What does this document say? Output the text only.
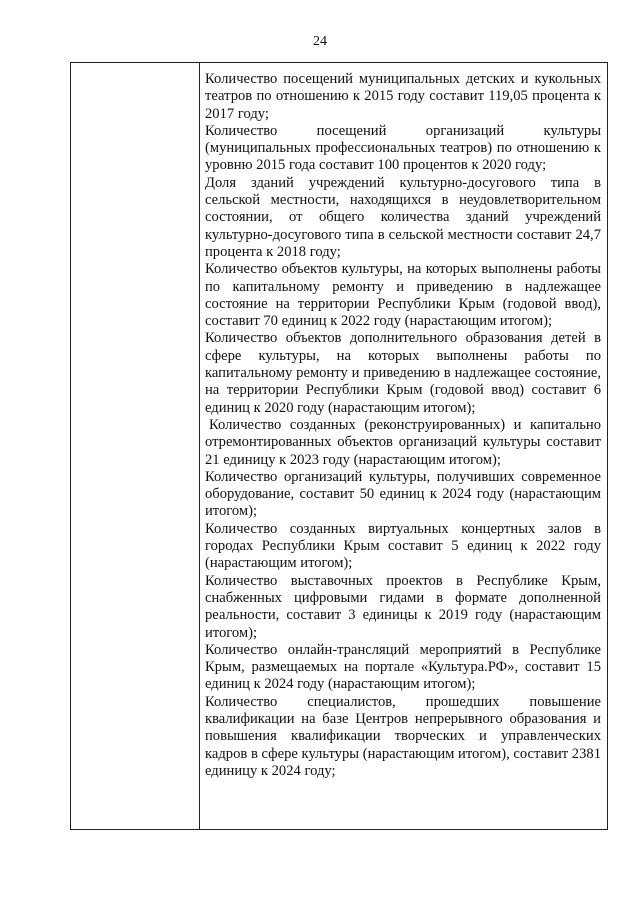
24

Количество посещений муниципальных детских и кукольных театров по отношению к 2015 году составит 119,05 процента к 2017 году;

Количество посещений организаций культуры (муниципальных профессиональных театров) по отношению к уровню 2015 года составит 100 процентов к 2020 году;

Доля зданий учреждений культурно-досугового типа в сельской местности, находящихся в неудовлетворительном состоянии, от общего количества зданий учреждений культурно-досугового типа в сельской местности составит 24,7 процента к 2018 году;

Количество объектов культуры, на которых выполнены работы по капитальному ремонту и приведению в надлежащее состояние на территории Республики Крым (годовой ввод), составит 70 единиц к 2022 году (нарастающим итогом);

Количество объектов дополнительного образования детей в сфере культуры, на которых выполнены работы по капитальному ремонту и приведению в надлежащее состояние, на территории Республики Крым (годовой ввод) составит 6 единиц к 2020 году (нарастающим итогом);

Количество созданных (реконструированных) и капитально отремонтированных объектов организаций культуры составит 21 единицу к 2023 году (нарастающим итогом);

Количество организаций культуры, получивших современное оборудование, составит 50 единиц к 2024 году (нарастающим итогом);

Количество созданных виртуальных концертных залов в городах Республики Крым составит 5 единиц к 2022 году (нарастающим итогом);

Количество выставочных проектов в Республике Крым, снабженных цифровыми гидами в формате дополненной реальности, составит 3 единицы к 2019 году (нарастающим итогом);

Количество онлайн-трансляций мероприятий в Республике Крым, размещаемых на портале «Культура.РФ», составит 15 единиц к 2024 году (нарастающим итогом);

Количество специалистов, прошедших повышение квалификации на базе Центров непрерывного образования и повышения квалификации творческих и управленческих кадров в сфере культуры (нарастающим итогом), составит 2381 единицу к 2024 году;
